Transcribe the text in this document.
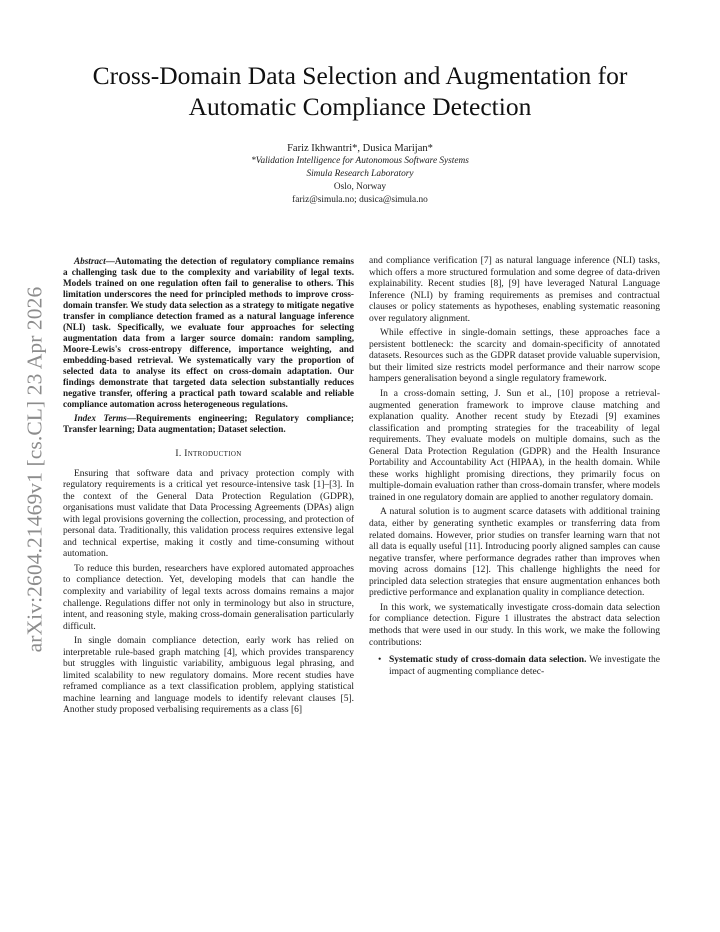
arXiv:2604.21469v1 [cs.CL] 23 Apr 2026
Cross-Domain Data Selection and Augmentation for Automatic Compliance Detection
Fariz Ikhwantri*, Dusica Marijan*
*Validation Intelligence for Autonomous Software Systems
Simula Research Laboratory
Oslo, Norway
fariz@simula.no; dusica@simula.no

Abstract—Automating the detection of regulatory compliance remains a challenging task due to the complexity and variability of legal texts. Models trained on one regulation often fail to generalise to others. This limitation underscores the need for principled methods to improve cross-domain transfer. We study data selection as a strategy to mitigate negative transfer in compliance detection framed as a natural language inference (NLI) task. Specifically, we evaluate four approaches for selecting augmentation data from a larger source domain: random sampling, Moore-Lewis's cross-entropy difference, importance weighting, and embedding-based retrieval. We systematically vary the proportion of selected data to analyse its effect on cross-domain adaptation. Our findings demonstrate that targeted data selection substantially reduces negative transfer, offering a practical path toward scalable and reliable compliance automation across heterogeneous regulations.

Index Terms—Requirements engineering; Regulatory compliance; Transfer learning; Data augmentation; Dataset selection.

I. Introduction

Ensuring that software data and privacy protection comply with regulatory requirements is a critical yet resource-intensive task [1]–[3]. In the context of the General Data Protection Regulation (GDPR), organisations must validate that Data Processing Agreements (DPAs) align with legal provisions governing the collection, processing, and protection of personal data. Traditionally, this validation process requires extensive legal and technical expertise, making it costly and time-consuming without automation.

To reduce this burden, researchers have explored automated approaches to compliance detection. Yet, developing models that can handle the complexity and variability of legal texts across domains remains a major challenge. Regulations differ not only in terminology but also in structure, intent, and reasoning style, making cross-domain generalisation particularly difficult.

In single domain compliance detection, early work has relied on interpretable rule-based graph matching [4], which provides transparency but struggles with linguistic variability, ambiguous legal phrasing, and limited scalability to new regulatory domains. More recent studies have reframed compliance as a text classification problem, applying statistical machine learning and language models to identify relevant clauses [5]. Another study proposed verbalising requirements as a class [6]

and compliance verification [7] as natural language inference (NLI) tasks, which offers a more structured formulation and some degree of data-driven explainability. Recent studies [8], [9] have leveraged Natural Language Inference (NLI) by framing requirements as premises and contractual clauses or policy statements as hypotheses, enabling systematic reasoning over regulatory alignment.

While effective in single-domain settings, these approaches face a persistent bottleneck: the scarcity and domain-specificity of annotated datasets. Resources such as the GDPR dataset provide valuable supervision, but their limited size restricts model performance and their narrow scope hampers generalisation beyond a single regulatory framework.

In a cross-domain setting, J. Sun et al., [10] propose a retrieval-augmented generation framework to improve clause matching and explanation quality. Another recent study by Etezadi [9] examines classification and prompting strategies for the traceability of legal requirements. They evaluate models on multiple domains, such as the General Data Protection Regulation (GDPR) and the Health Insurance Portability and Accountability Act (HIPAA), in the health domain. While these works highlight promising directions, they primarily focus on multiple-domain evaluation rather than cross-domain transfer, where models trained in one regulatory domain are applied to another regulatory domain.

A natural solution is to augment scarce datasets with additional training data, either by generating synthetic examples or transferring data from related domains. However, prior studies on transfer learning warn that not all data is equally useful [11]. Introducing poorly aligned samples can cause negative transfer, where performance degrades rather than improves when moving across domains [12]. This challenge highlights the need for principled data selection strategies that ensure augmentation enhances both predictive performance and explanation quality in compliance detection.

In this work, we systematically investigate cross-domain data selection for compliance detection. Figure 1 illustrates the abstract data selection methods that were used in our study. In this work, we make the following contributions:

• Systematic study of cross-domain data selection. We investigate the impact of augmenting compliance detec-
